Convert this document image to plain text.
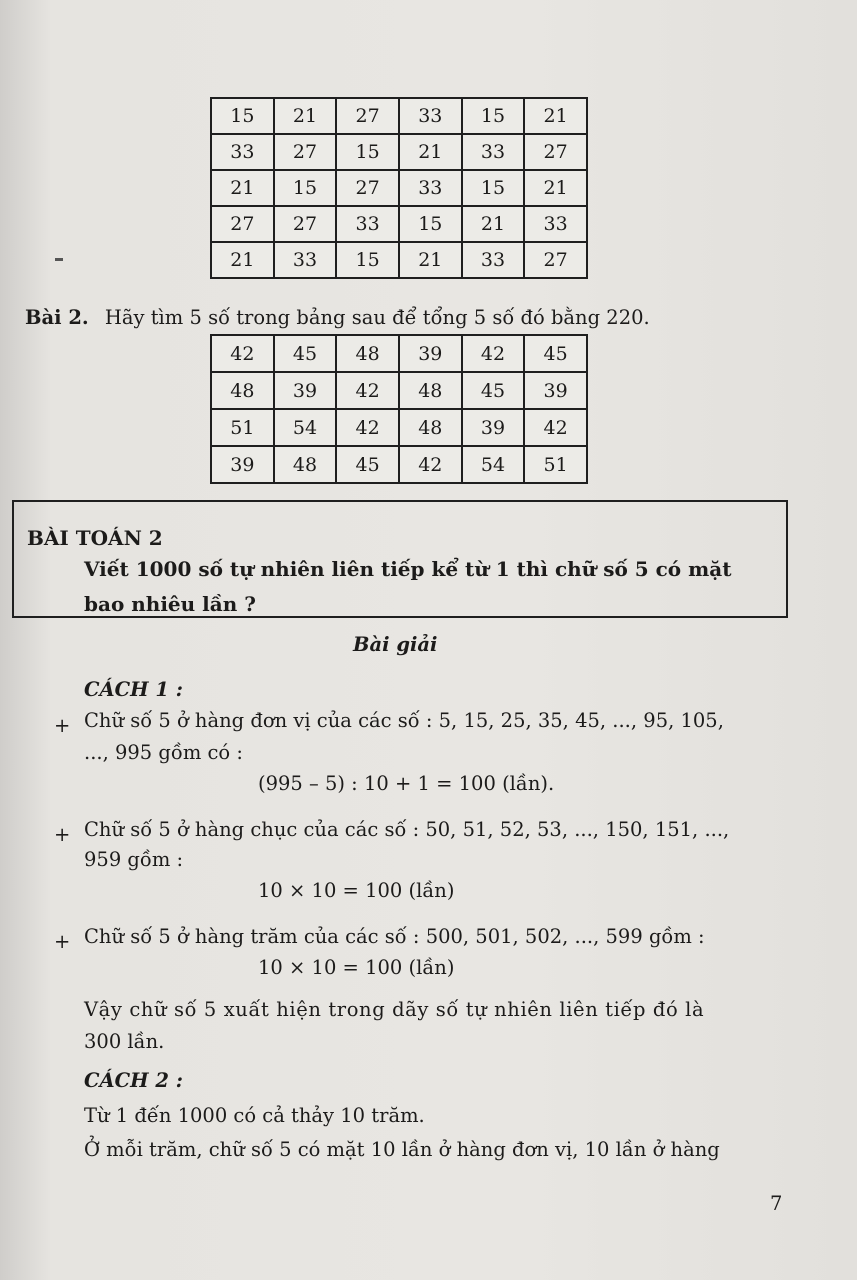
15	21	27	33	15	21
33	27	15	21	33	27
21	15	27	33	15	21
27	27	33	15	21	33
21	33	15	21	33	27
Bài 2. Hãy tìm 5 số trong bảng sau để tổng 5 số đó bằng 220.
42	45	48	39	42	45
48	39	42	48	45	39
51	54	42	48	39	42
39	48	45	42	54	51
BÀI TOÁN 2
Viết 1000 số tự nhiên liên tiếp kể từ 1 thì chữ số 5 có mặt
bao nhiêu lần ?
Bài giải
CÁCH 1 :
+ Chữ số 5 ở hàng đơn vị của các số : 5, 15, 25, 35, 45, ..., 95, 105,
..., 995 gồm có :
(995 – 5) : 10 + 1 = 100 (lần).
+ Chữ số 5 ở hàng chục của các số : 50, 51, 52, 53, ..., 150, 151, ...,
959 gồm :
10 × 10 = 100 (lần)
+ Chữ số 5 ở hàng trăm của các số : 500, 501, 502, ..., 599 gồm :
10 × 10 = 100 (lần)
Vậy chữ số 5 xuất hiện trong dãy số tự nhiên liên tiếp đó là
300 lần.
CÁCH 2 :
Từ 1 đến 1000 có cả thảy 10 trăm.
Ở mỗi trăm, chữ số 5 có mặt 10 lần ở hàng đơn vị, 10 lần ở hàng
7
